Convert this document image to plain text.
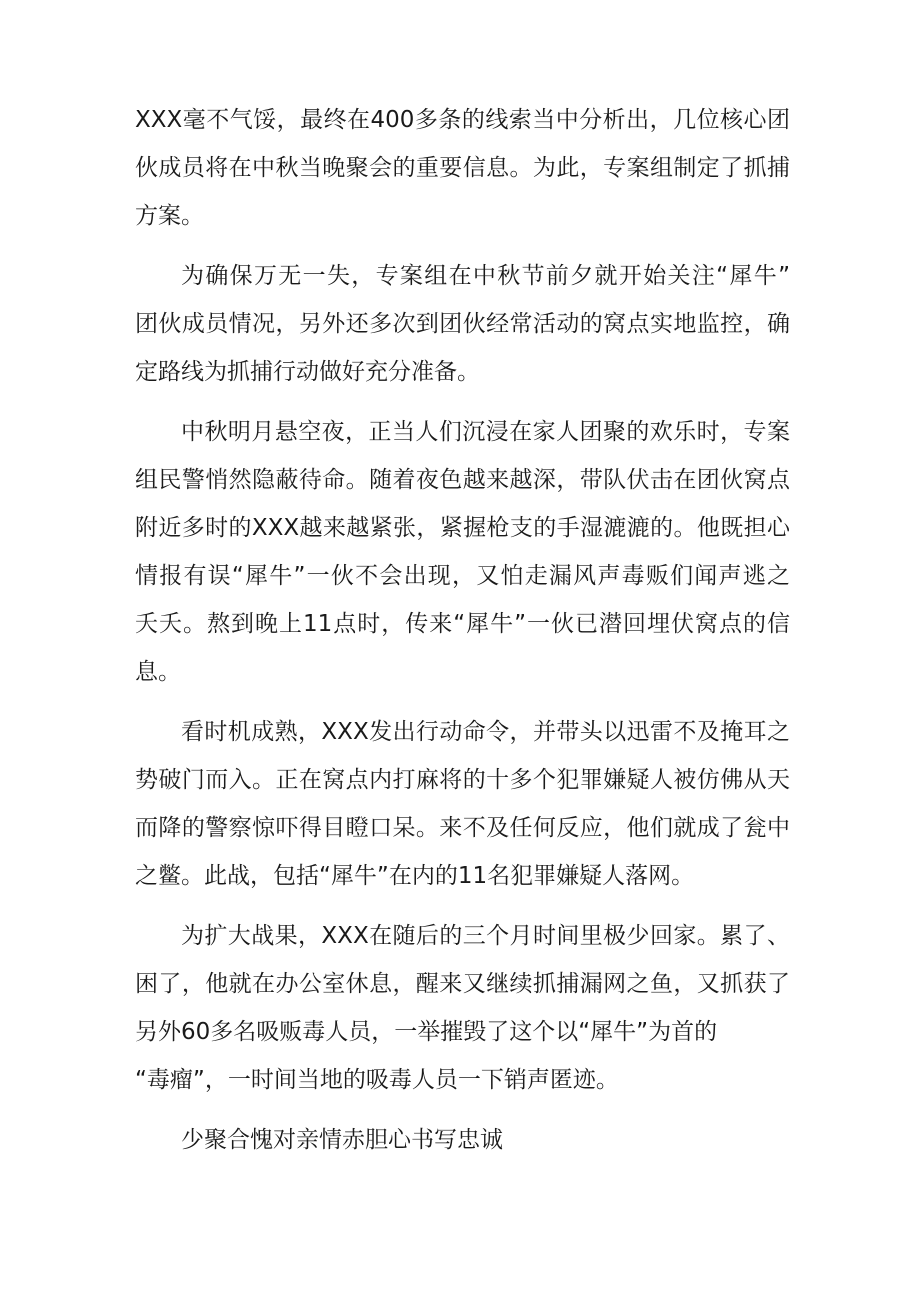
XXX毫不气馁，最终在400多条的线索当中分析出，几位核心团
伙成员将在中秋当晚聚会的重要信息。为此，专案组制定了抓捕
方案。
为确保万无一失，专案组在中秋节前夕就开始关注“犀牛”
团伙成员情况，另外还多次到团伙经常活动的窝点实地监控，确
定路线为抓捕行动做好充分准备。
中秋明月悬空夜，正当人们沉浸在家人团聚的欢乐时，专案
组民警悄然隐蔽待命。随着夜色越来越深，带队伏击在团伙窝点
附近多时的XXX越来越紧张，紧握枪支的手湿漉漉的。他既担心
情报有误“犀牛”一伙不会出现，又怕走漏风声毒贩们闻声逃之
夭夭。熬到晚上11点时，传来“犀牛”一伙已潜回埋伏窝点的信
息。
看时机成熟，XXX发出行动命令，并带头以迅雷不及掩耳之
势破门而入。正在窝点内打麻将的十多个犯罪嫌疑人被仿佛从天
而降的警察惊吓得目瞪口呆。来不及任何反应，他们就成了瓮中
之鳖。此战，包括“犀牛”在内的11名犯罪嫌疑人落网。
为扩大战果，XXX在随后的三个月时间里极少回家。累了、
困了，他就在办公室休息，醒来又继续抓捕漏网之鱼，又抓获了
另外60多名吸贩毒人员，一举摧毁了这个以“犀牛”为首的
“毒瘤”，一时间当地的吸毒人员一下销声匿迹。
少聚合愧对亲情赤胆心书写忠诚
